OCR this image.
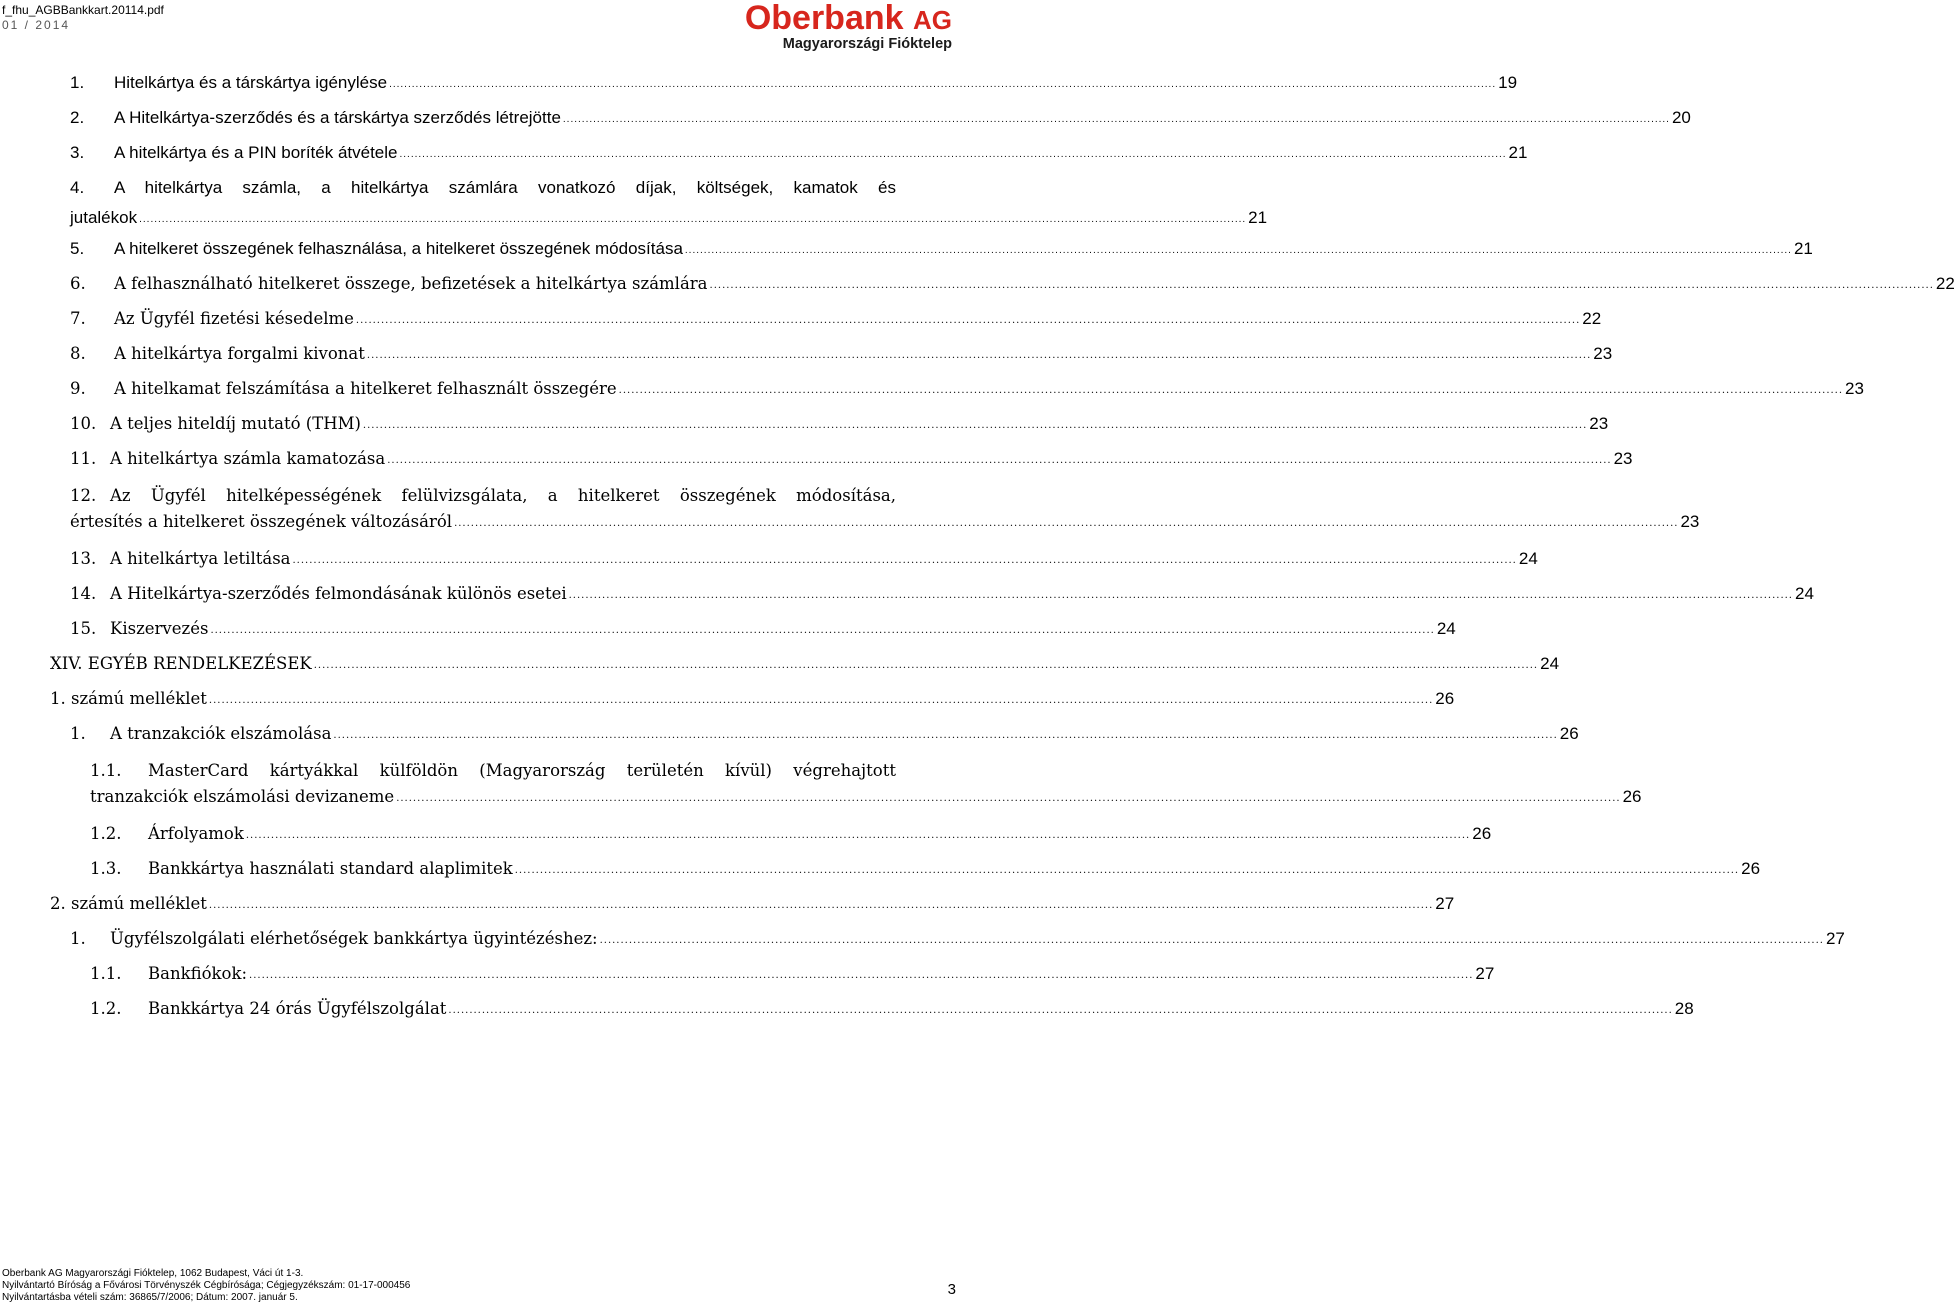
f_fhu_AGBBankkart.20114.pdf
01 / 2014	Oberbank AG
Magyarországi Fióktelep
1.	Hitelkártya és a társkártya igénylése .....	19
2.	A Hitelkártya-szerződés és a társkártya szerződés létrejötte .....	20
3.	A hitelkártya és a PIN boríték átvétele .....	21
4. A hitelkártya számla, a hitelkártya számlára vonatkozó díjak, költségek, kamatok és
jutalékok .....	21
5.	A hitelkeret összegének felhasználása, a hitelkeret összegének módosítása .....	21
6.	A felhasználható hitelkeret összege, befizetések a hitelkártya számlára .....	22
7.	Az Ügyfél fizetési késedelme .....	22
8.	A hitelkártya forgalmi kivonat .....	23
9.	A hitelkamat felszámítása a hitelkeret felhasznált összegére .....	23
10. A teljes hiteldíj mutató (THM) .....	23
11. A hitelkártya számla kamatozása .....	23
12. Az Ügyfél hitelképességének felülvizsgálata, a hitelkeret összegének módosítása,
értesítés a hitelkeret összegének változásáról .....	23
13. A hitelkártya letiltása .....	24
14. A Hitelkártya-szerződés felmondásának különös esetei .....	24
15. Kiszervezés .....	24
XIV. EGYÉB RENDELKEZÉSEK .....	24
1. számú melléklet .....	26
1.	A tranzakciók elszámolása .....	26
1.1. MasterCard kártyákkal külföldön (Magyarország területén kívül) végrehajtott
tranzakciók elszámolási devizaneme .....	26
1.2.	Árfolyamok .....	26
1.3.	Bankkártya használati standard alaplimitek .....	26
2. számú melléklet .....	27
1.	Ügyfélszolgálati elérhetőségek bankkártya ügyintézéshez: .....	27
1.1.	Bankfiókok: .....	27
1.2.	Bankkártya 24 órás Ügyfélszolgálat .....	28
Oberbank AG Magyarországi Fióktelep, 1062 Budapest, Váci út 1-3.
Nyilvántartó Bíróság a Fővárosi Törvényszék Cégbírósága; Cégjegyzékszám: 01-17-000456
Nyilvántartásba vételi szám: 36865/7/2006; Dátum: 2007. január 5.	3
